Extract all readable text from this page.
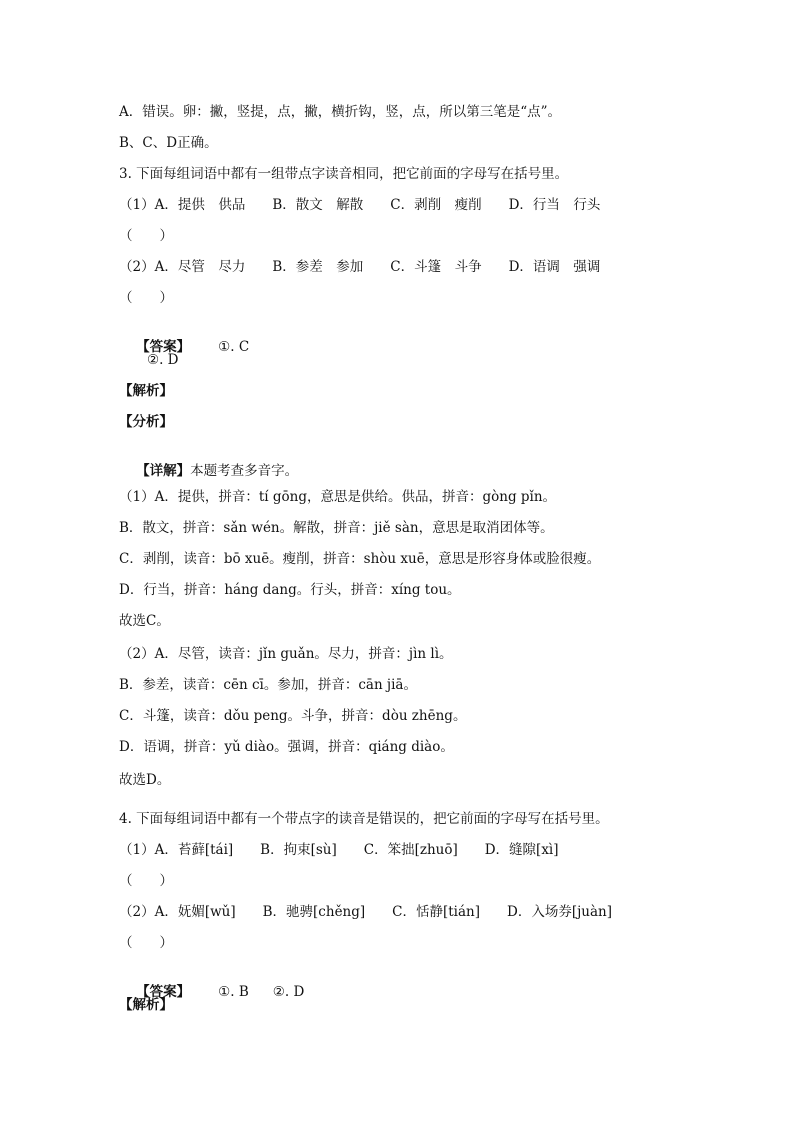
A．错误。卵：撇，竖提，点，撇，横折钩，竖，点，所以第三笔是“点”。
B、C、D正确。
3. 下面每组词语中都有一组带点字读音相同，把它前面的字母写在括号里。
（1）A．提供　供品　　B．散文　解散　　C．剥削　瘦削　　D．行当　行头
（　　）
（2）A．尽管　尽力　　B．参差　参加　　C．斗篷　斗争　　D．语调　强调
（　　）

【答案】 ①. C

②. D
【解析】
【分析】

【详解】本题考查多音字。

（1）A．提供，拼音：tí gōng，意思是供给。供品，拼音：gòng pǐn。
B．散文，拼音：sǎn wén。解散，拼音：jiě sàn，意思是取消团体等。
C．剥削，读音：bō xuē。瘦削，拼音：shòu xuē，意思是形容身体或脸很瘦。
D．行当，拼音：háng dang。行头，拼音：xíng tou。
故选C。
（2）A．尽管，读音：jǐn guǎn。尽力，拼音：jìn lì。
B．参差，读音：cēn cī。参加，拼音：cān jiā。
C．斗篷，读音：dǒu peng。斗争，拼音：dòu zhēng。
D．语调，拼音：yǔ diào。强调，拼音：qiáng diào。
故选D。
4. 下面每组词语中都有一个带点字的读音是错误的，把它前面的字母写在括号里。
（1）A．苔藓[tái]　　B．拘束[sù]　　C．笨拙[zhuō]　　D．缝隙[xì]
（　　）
（2）A．妩媚[wǔ]　　B．驰骋[chěng]　　C．恬静[tián]　　D．入场券[juàn]
（　　）

【答案】 ①. B ②. D

【解析】
